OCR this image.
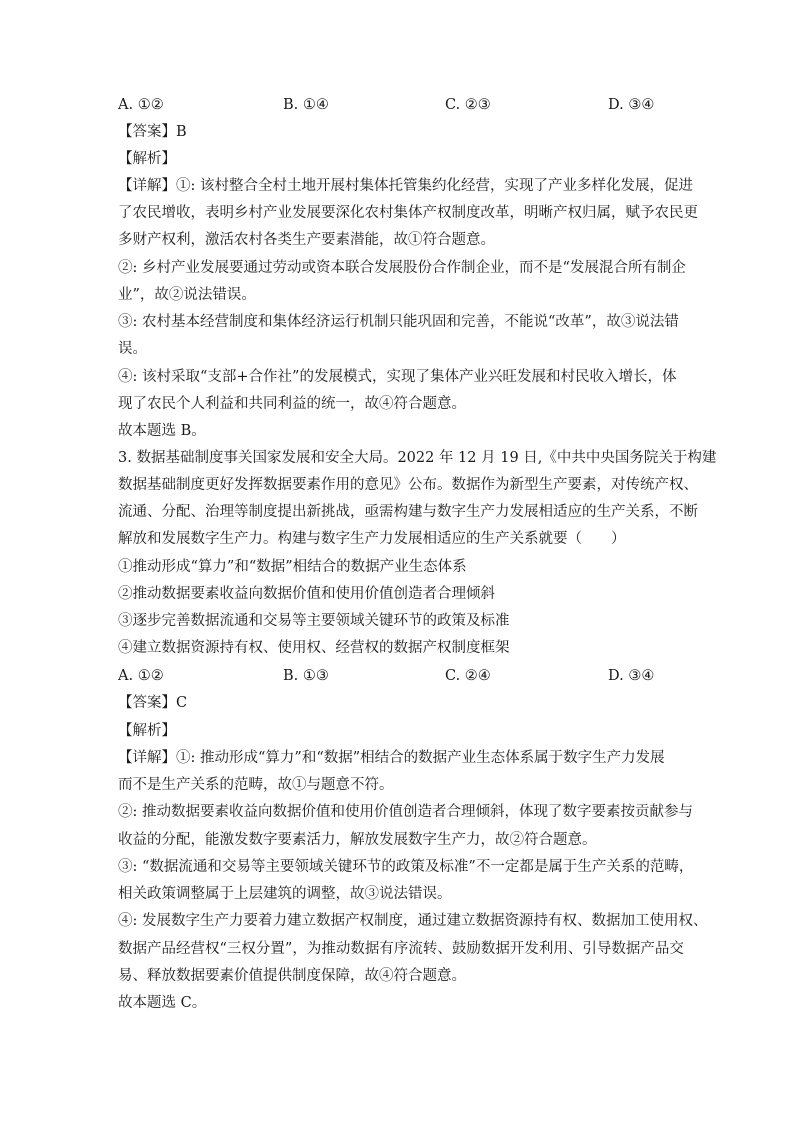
A. ①②	B. ①④	C. ②③	D. ③④
【答案】B
【解析】
【详解】①: 该村整合全村土地开展村集体托管集约化经营，实现了产业多样化发展，促进
了农民增收，表明乡村产业发展要深化农村集体产权制度改革，明晰产权归属，赋予农民更
多财产权利，激活农村各类生产要素潜能，故①符合题意。
②: 乡村产业发展要通过劳动或资本联合发展股份合作制企业，而不是“发展混合所有制企
业”，故②说法错误。
③: 农村基本经营制度和集体经济运行机制只能巩固和完善，不能说“改革”，故③说法错
误。
④: 该村采取“支部+合作社”的发展模式，实现了集体产业兴旺发展和村民收入增长，体
现了农民个人利益和共同利益的统一，故④符合题意。
故本题选 B。
3. 数据基础制度事关国家发展和安全大局。2022 年 12 月 19 日,《中共中央国务院关于构建
数据基础制度更好发挥数据要素作用的意见》公布。数据作为新型生产要素，对传统产权、
流通、分配、治理等制度提出新挑战，亟需构建与数字生产力发展相适应的生产关系，不断
解放和发展数字生产力。构建与数字生产力发展相适应的生产关系就要（　　）
①推动形成“算力”和“数据”相结合的数据产业生态体系
②推动数据要素收益向数据价值和使用价值创造者合理倾斜
③逐步完善数据流通和交易等主要领域关键环节的政策及标准
④建立数据资源持有权、使用权、经营权的数据产权制度框架
A. ①②	B. ①③	C. ②④	D. ③④
【答案】C
【解析】
【详解】①: 推动形成“算力”和“数据”相结合的数据产业生态体系属于数字生产力发展
而不是生产关系的范畴，故①与题意不符。
②: 推动数据要素收益向数据价值和使用价值创造者合理倾斜，体现了数字要素按贡献参与
收益的分配，能激发数字要素活力，解放发展数字生产力，故②符合题意。
③: “数据流通和交易等主要领域关键环节的政策及标准”不一定都是属于生产关系的范畴，
相关政策调整属于上层建筑的调整，故③说法错误。
④: 发展数字生产力要着力建立数据产权制度，通过建立数据资源持有权、数据加工使用权、
数据产品经营权“三权分置”，为推动数据有序流转、鼓励数据开发利用、引导数据产品交
易、释放数据要素价值提供制度保障，故④符合题意。
故本题选 C。
